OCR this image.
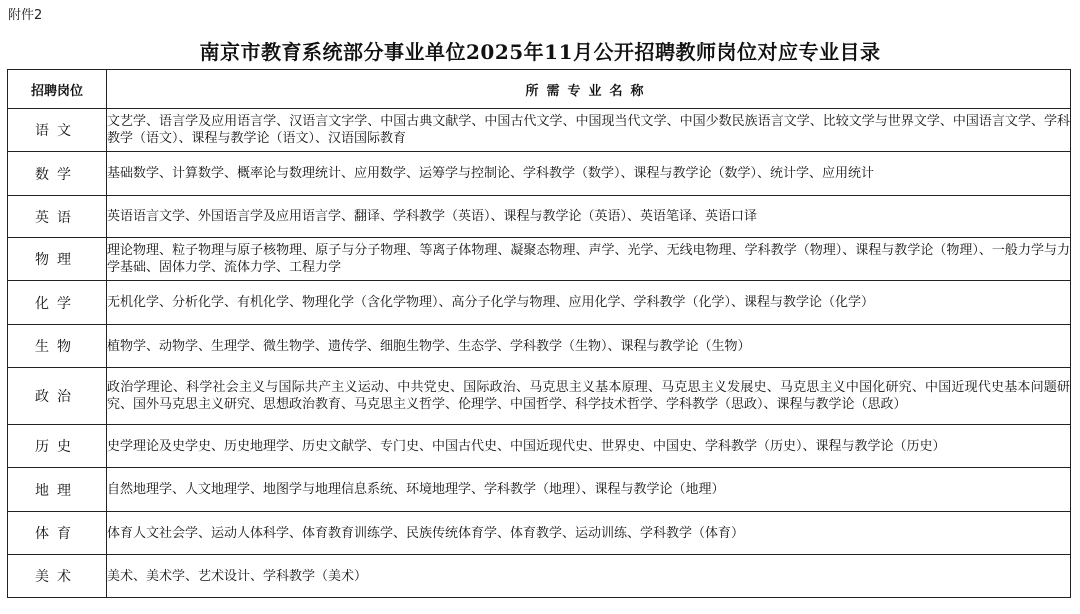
附件2
南京市教育系统部分事业单位2025年11月公开招聘教师岗位对应专业目录
招聘岗位	所需专业名称
语文	文艺学、语言学及应用语言学、汉语言文字学、中国古典文献学、中国古代文学、中国现当代文学、中国少数民族语言文学、比较文学与世界文学、中国语言文学、学科教学（语文）、课程与教学论（语文）、汉语国际教育
数学	基础数学、计算数学、概率论与数理统计、应用数学、运筹学与控制论、学科教学（数学）、课程与教学论（数学）、统计学、应用统计
英语	英语语言文学、外国语言学及应用语言学、翻译、学科教学（英语）、课程与教学论（英语）、英语笔译、英语口译
物理	理论物理、粒子物理与原子核物理、原子与分子物理、等离子体物理、凝聚态物理、声学、光学、无线电物理、学科教学（物理）、课程与教学论（物理）、一般力学与力学基础、固体力学、流体力学、工程力学
化学	无机化学、分析化学、有机化学、物理化学（含化学物理）、高分子化学与物理、应用化学、学科教学（化学）、课程与教学论（化学）
生物	植物学、动物学、生理学、微生物学、遗传学、细胞生物学、生态学、学科教学（生物）、课程与教学论（生物）
政治	政治学理论、科学社会主义与国际共产主义运动、中共党史、国际政治、马克思主义基本原理、马克思主义发展史、马克思主义中国化研究、中国近现代史基本问题研究、国外马克思主义研究、思想政治教育、马克思主义哲学、伦理学、中国哲学、科学技术哲学、学科教学（思政）、课程与教学论（思政）
历史	史学理论及史学史、历史地理学、历史文献学、专门史、中国古代史、中国近现代史、世界史、中国史、学科教学（历史）、课程与教学论（历史）
地理	自然地理学、人文地理学、地图学与地理信息系统、环境地理学、学科教学（地理）、课程与教学论（地理）
体育	体育人文社会学、运动人体科学、体育教育训练学、民族传统体育学、体育教学、运动训练、学科教学（体育）
美术	美术、美术学、艺术设计、学科教学（美术）
